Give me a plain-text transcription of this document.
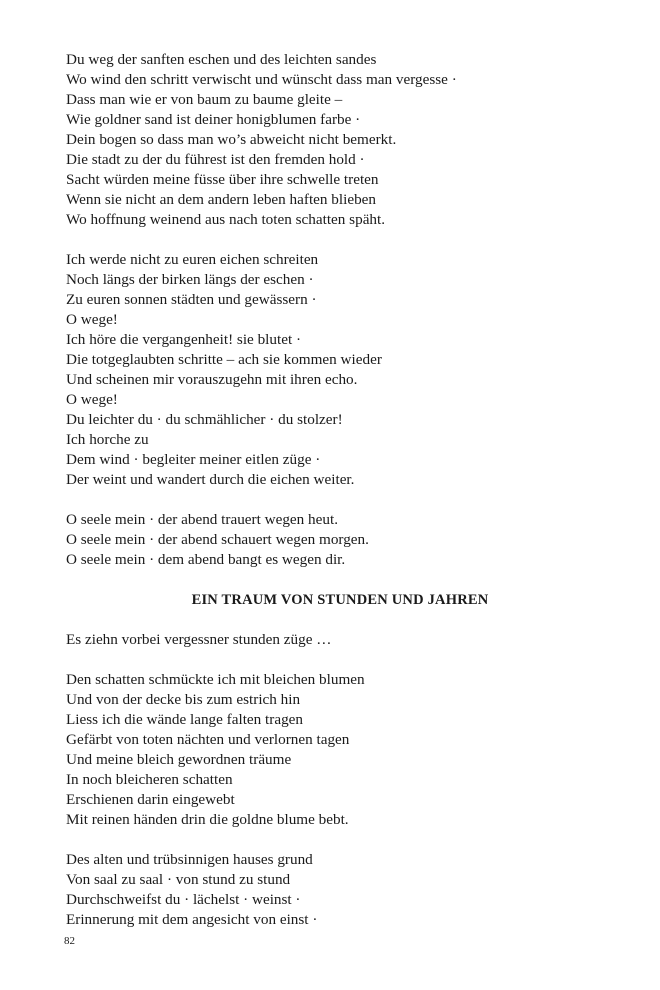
Du weg der sanften eschen und des leichten sandes
Wo wind den schritt verwischt und wünscht dass man vergesse ·
Dass man wie er von baum zu baume gleite –
Wie goldner sand ist deiner honigblumen farbe ·
Dein bogen so dass man wo’s abweicht nicht bemerkt.
Die stadt zu der du führest ist den fremden hold ·
Sacht würden meine füsse über ihre schwelle treten
Wenn sie nicht an dem andern leben haften blieben
Wo hoffnung weinend aus nach toten schatten späht.
Ich werde nicht zu euren eichen schreiten
Noch längs der birken längs der eschen ·
Zu euren sonnen städten und gewässern ·
O wege!
Ich höre die vergangenheit! sie blutet ·
Die totgeglaubten schritte – ach sie kommen wieder
Und scheinen mir vorauszugehn mit ihren echo.
O wege!
Du leichter du · du schmählicher · du stolzer!
Ich horche zu
Dem wind · begleiter meiner eitlen züge ·
Der weint und wandert durch die eichen weiter.
O seele mein · der abend trauert wegen heut.
O seele mein · der abend schauert wegen morgen.
O seele mein · dem abend bangt es wegen dir.
EIN TRAUM VON STUNDEN UND JAHREN
Es ziehn vorbei vergessner stunden züge …
Den schatten schmückte ich mit bleichen blumen
Und von der decke bis zum estrich hin
Liess ich die wände lange falten tragen
Gefärbt von toten nächten und verlornen tagen
Und meine bleich gewordnen träume
In noch bleicheren schatten
Erschienen darin eingewebt
Mit reinen händen drin die goldne blume bebt.
Des alten und trübsinnigen hauses grund
Von saal zu saal · von stund zu stund
Durchschweifst du · lächelst · weinst ·
Erinnerung mit dem angesicht von einst ·
82
